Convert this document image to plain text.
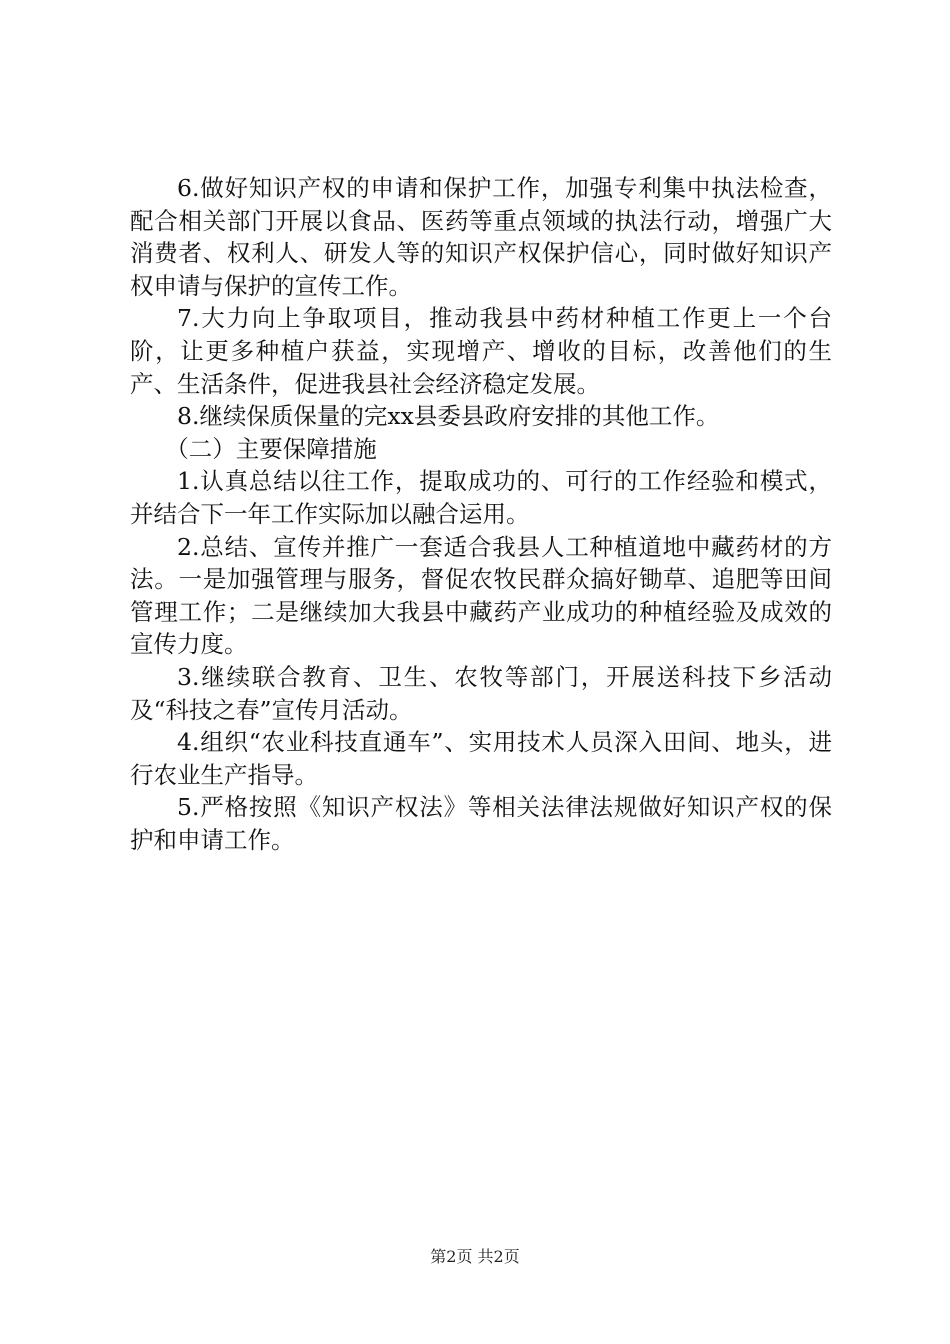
6.做好知识产权的申请和保护工作，加强专利集中执法检查，配合相关部门开展以食品、医药等重点领域的执法行动，增强广大消费者、权利人、研发人等的知识产权保护信心，同时做好知识产权申请与保护的宣传工作。

7.大力向上争取项目，推动我县中药材种植工作更上一个台阶，让更多种植户获益，实现增产、增收的目标，改善他们的生产、生活条件，促进我县社会经济稳定发展。

8.继续保质保量的完xx县委县政府安排的其他工作。

（二）主要保障措施

1.认真总结以往工作，提取成功的、可行的工作经验和模式，并结合下一年工作实际加以融合运用。

2.总结、宣传并推广一套适合我县人工种植道地中藏药材的方法。一是加强管理与服务，督促农牧民群众搞好锄草、追肥等田间管理工作；二是继续加大我县中藏药产业成功的种植经验及成效的宣传力度。

3.继续联合教育、卫生、农牧等部门，开展送科技下乡活动及“科技之春”宣传月活动。

4.组织“农业科技直通车”、实用技术人员深入田间、地头，进行农业生产指导。

5.严格按照《知识产权法》等相关法律法规做好知识产权的保护和申请工作。

第2页 共2页
